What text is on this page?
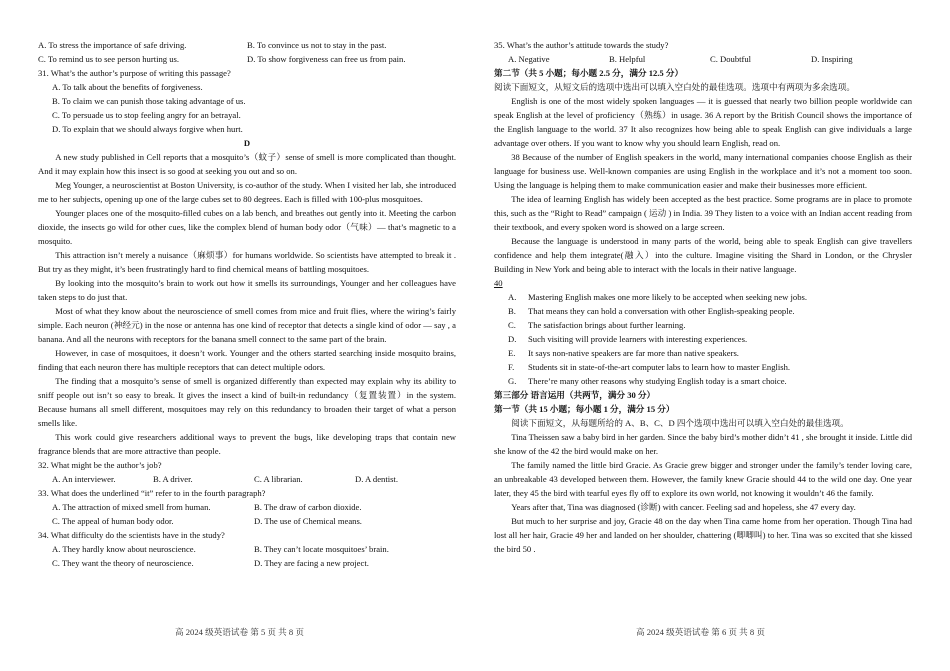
A. To stress the importance of safe driving.	B. To convince us not to stay in the past.
C. To remind us to see person hurting us.	D. To show forgiveness can free us from pain.
31. What’s the author’s purpose of writing this passage?
A. To talk about the benefits of forgiveness.
B. To claim we can punish those taking advantage of us.
C. To persuade us to stop feeling angry for an betrayal.
D. To explain that we should always forgive when hurt.
D

A new study published in Cell reports that a mosquito’s（蚊子）sense of smell is more complicated than thought. And it may explain how this insect is so good at seeking you out and so on.

Meg Younger, a neuroscientist at Boston University, is co-author of the study. When I visited her lab, she introduced me to her subjects, opening up one of the large cubes set to 80 degrees. Each is filled with 100-plus mosquitoes.

Younger places one of the mosquito-filled cubes on a lab bench, and breathes out gently into it. Meeting the carbon dioxide, the insects go wild for other cues, like the complex blend of human body odor（气味）— that’s magnetic to a mosquito.

This attraction isn’t merely a nuisance（麻烦事）for humans worldwide. So scientists have attempted to break it . But try as they might, it’s been frustratingly hard to find chemical means of battling mosquitoes.

By looking into the mosquito’s brain to work out how it smells its surroundings, Younger and her colleagues have taken steps to do just that.

Most of what they know about the neuroscience of smell comes from mice and fruit flies, where the wiring’s fairly simple. Each neuron (神经元) in the nose or antenna has one kind of receptor that detects a single kind of odor — say , a banana. And all the neurons with receptors for the banana smell connect to the same part of the brain.

However, in case of mosquitoes, it doesn’t work. Younger and the others started searching inside mosquito brains, finding that each neuron there has multiple receptors that can detect multiple odors.

The finding that a mosquito’s sense of smell is organized differently than expected may explain why its ability to sniff people out isn’t so easy to break. It gives the insect a kind of built-in redundancy（复置装置）in the system. Because humans all smell different, mosquitoes may rely on this redundancy to broaden their target of what a person smells like.

This work could give researchers additional ways to prevent the bugs, like developing traps that contain new fragrance blends that are more attractive than people.

32. What might be the author’s job?
A. An interviewer.	B. A driver.	C. A librarian.	D. A dentist.
33. What does the underlined “it” refer to in the fourth paragraph?
A. The attraction of mixed smell from human.	B. The draw of carbon dioxide.
C. The appeal of human body odor.	D. The use of Chemical means.
34. What difficulty do the scientists have in the study?
A. They hardly know about neuroscience.	B. They can’t locate mosquitoes’ brain.
C. They want the theory of neuroscience.	D. They are facing a new project.
高 2024 级英语试卷 第 5 页 共 8 页
35. What’s the author’s attitude towards the study?
A. Negative	B. Helpful	C. Doubtful	D. Inspiring
第二节（共 5 小题；每小题 2.5 分，满分 12.5 分）
阅读下面短文，从短文后的选项中选出可以填入空白处的最佳选项。选项中有两项为多余选项。

English is one of the most widely spoken languages — it is guessed that nearly two billion people worldwide can speak English at the level of proficiency（熟练）in usage. 36 A report by the British Council shows the importance of the English language to the world. 37 It also recognizes how being able to speak English can give individuals a large advantage over others. If you want to know why you should learn English, read on.

38 Because of the number of English speakers in the world, many international companies choose English as their language for business use. Well-known companies are using English in the workplace and it’s not a moment too soon. Using the language is helping them to make communication easier and make their businesses more efficient.

The idea of learning English has widely been accepted as the best practice. Some programs are in place to promote this, such as the “Right to Read” campaign ( 运动 ) in India. 39 They listen to a voice with an Indian accent reading from their textbook, and every spoken word is showed on a large screen.

Because the language is understood in many parts of the world, being able to speak English can give travellers confidence and help them integrate(融入）into the culture. Imagine visiting the Shard in London, or the Chrysler Building in New York and being able to interact with the locals in their native language.

40
A.	Mastering English makes one more likely to be accepted when seeking new jobs.
B.	That means they can hold a conversation with other English-speaking people.
C.	The satisfaction brings about further learning.
D.	Such visiting will provide learners with interesting experiences.
E.	It says non-native speakers are far more than native speakers.
F.	Students sit in state-of-the-art computer labs to learn how to master English.
G.	There’re many other reasons why studying English today is a smart choice.
第三部分 语言运用（共两节，满分 30 分）
第一节（共 15 小题；每小题 1 分，满分 15 分）

阅读下面短文，从每题所给的 A、B、C、D 四个选项中选出可以填入空白处的最佳选项。

Tina Theissen saw a baby bird in her garden. Since the baby bird’s mother didn’t 41 , she brought it inside. Little did she know of the 42 the bird would make on her.

The family named the little bird Gracie. As Gracie grew bigger and stronger under the family’s tender loving care, an unbreakable 43 developed between them. However, the family knew Gracie should 44 to the wild one day. One year later, they 45 the bird with tearful eyes fly off to explore its own world, not knowing it wouldn’t 46 the family.

Years after that, Tina was diagnosed (诊断) with cancer. Feeling sad and hopeless, she 47 every day.

But much to her surprise and joy, Gracie 48 on the day when Tina came home from her operation. Though Tina had lost all her hair, Gracie 49 her and landed on her shoulder, chattering (唧唧叫) to her. Tina was so excited that she kissed the bird 50 .

高 2024 级英语试卷 第 6 页 共 8 页
